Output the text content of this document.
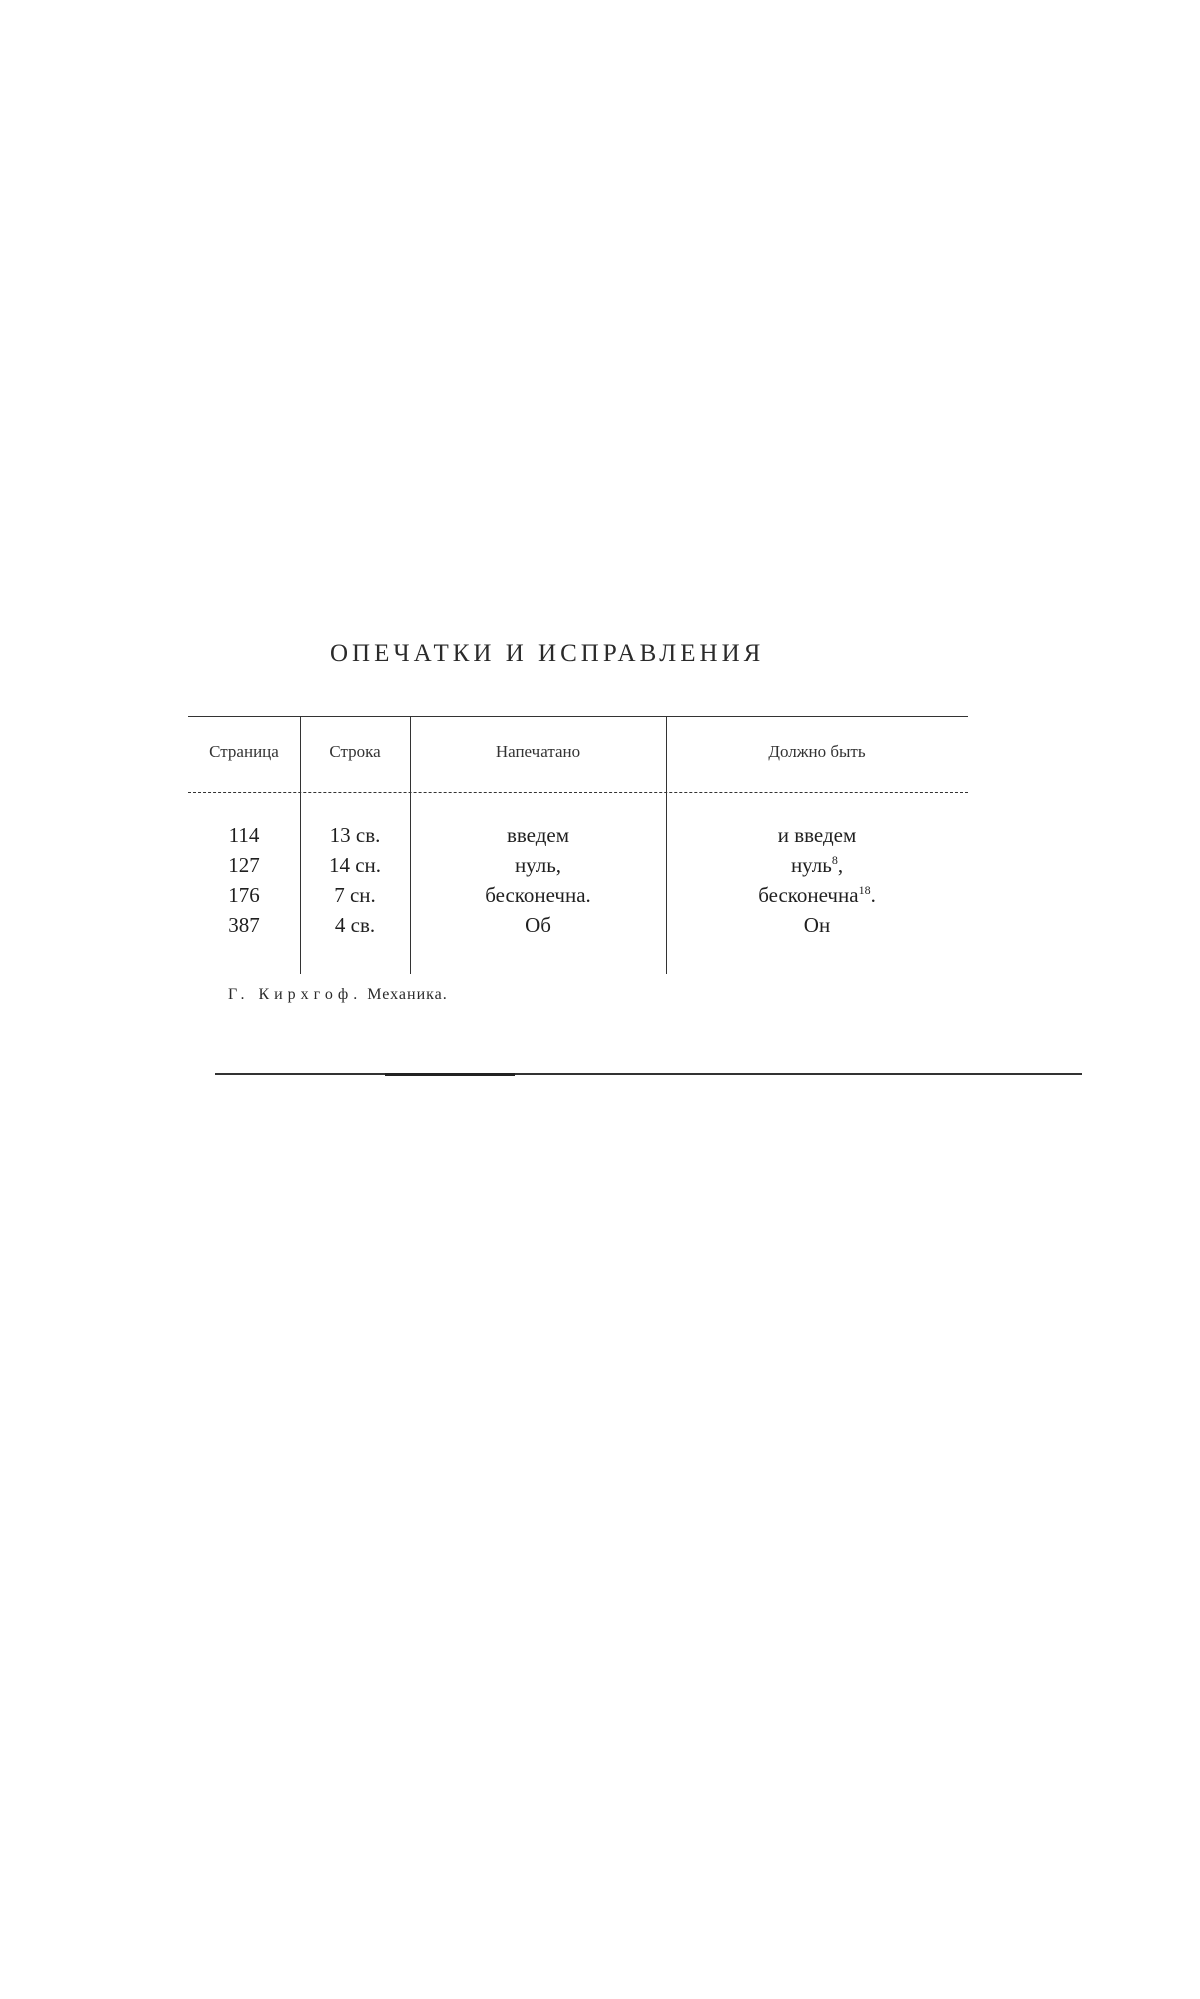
ОПЕЧАТКИ И ИСПРАВЛЕНИЯ
Страница	Строка	Напечатано	Должно быть
114	13 св.	введем	и введем
127	14 сн.	нуль,	нуль$^8$,
176	7 сн.	бесконечна.	бесконечна$^{18}$.
387	4 св.	Об	Он
Г. Кирхгоф. Механика.
